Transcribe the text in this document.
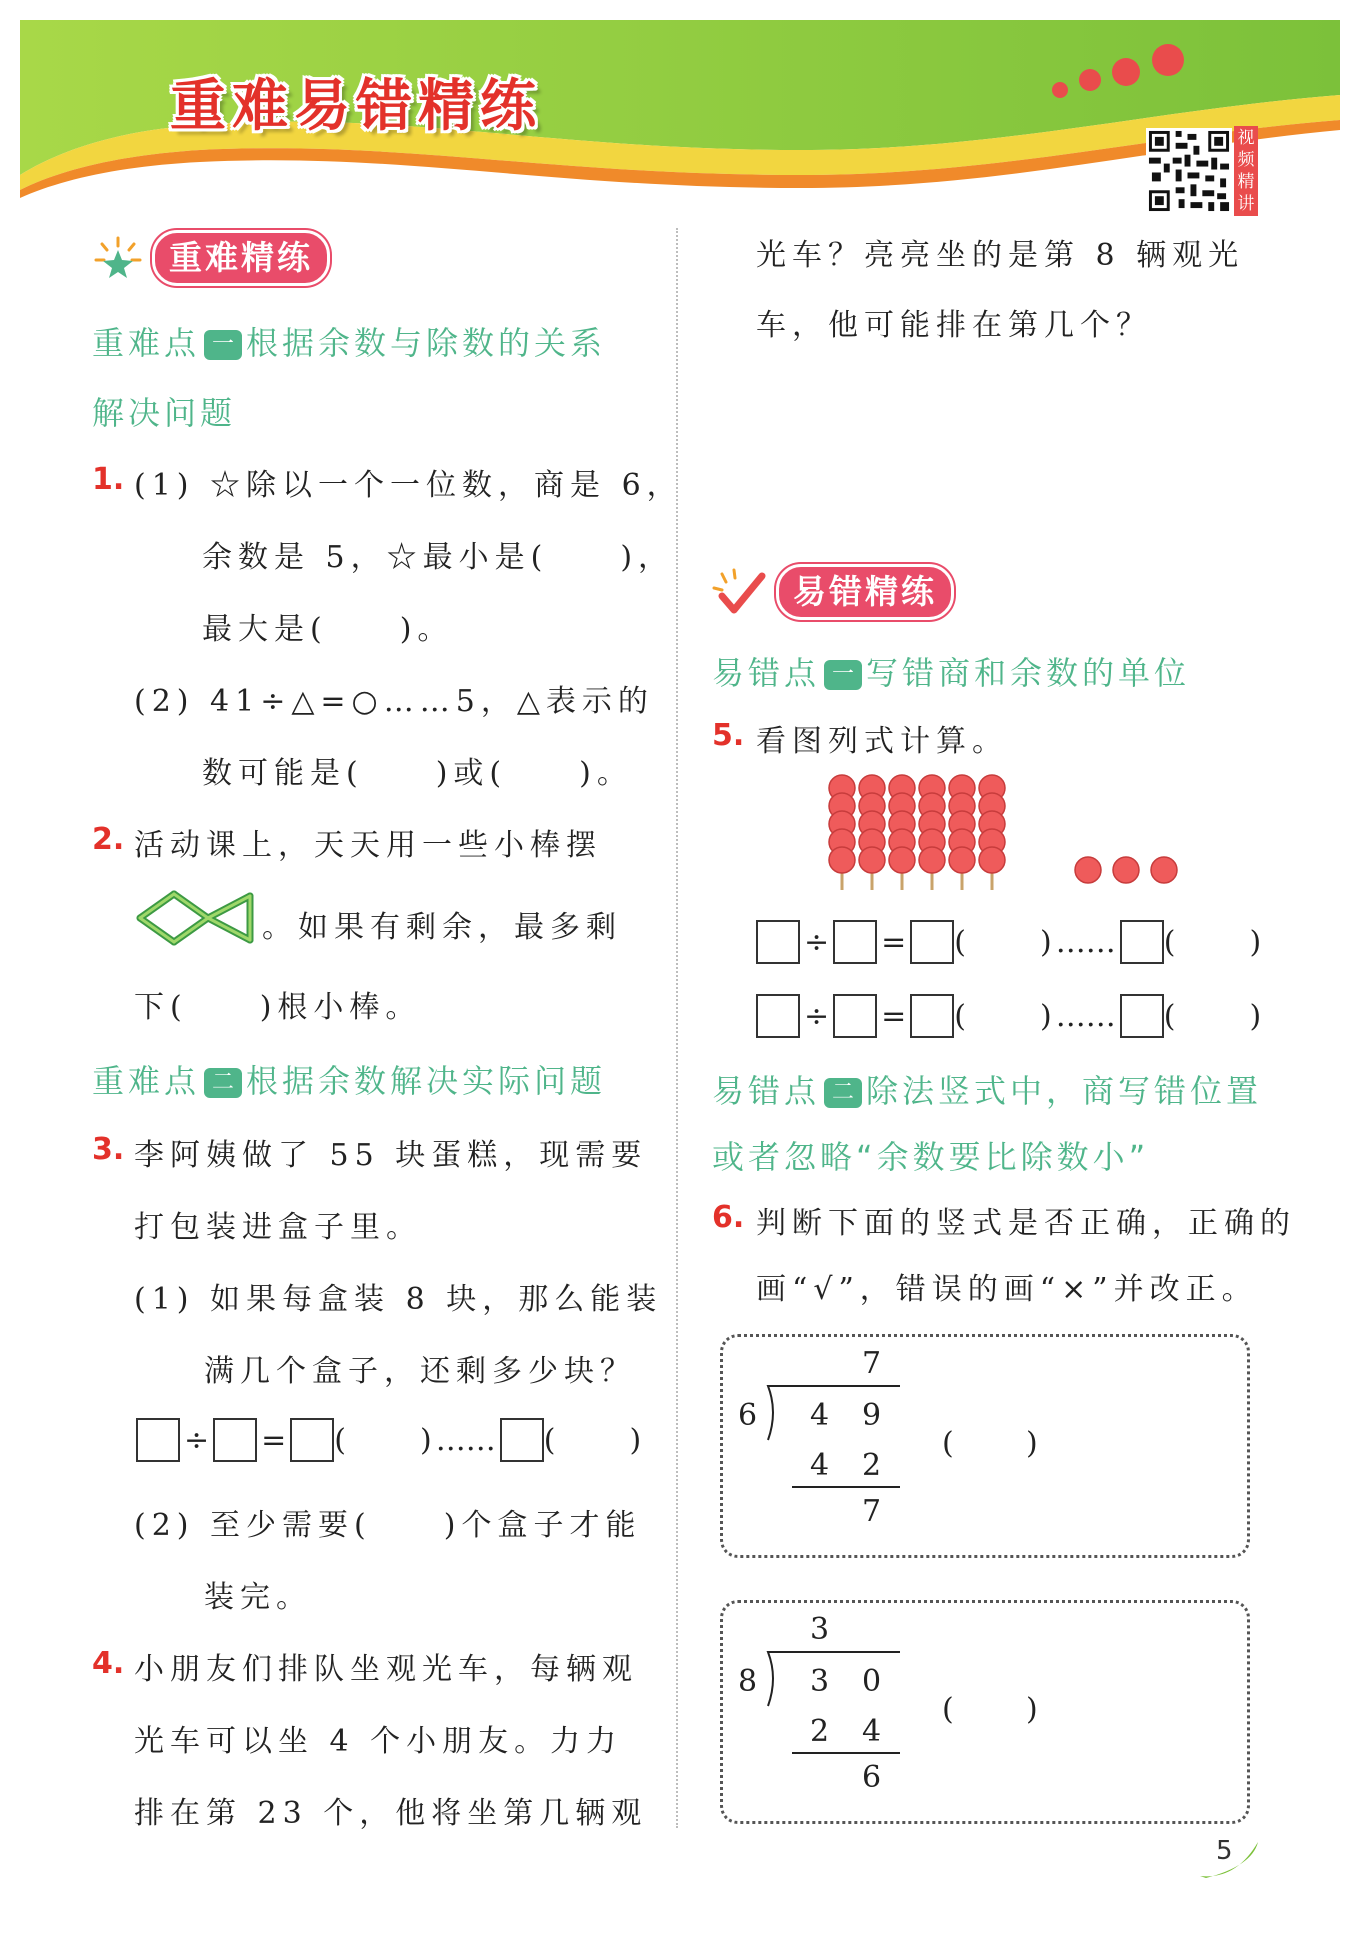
重难易错精练	视频精讲
重难精练
重难点 一 根据余数与除数的关系
解决问题
1. (1) ☆除以一个一位数，商是 6，
余数是 5，☆最小是(　　)，
最大是(　　)。
(2) 41÷△=○……5，△表示的
数可能是(　　)或(　　)。
2. 活动课上，天天用一些小棒摆
。如果有剩余，最多剩
下(　　)根小棒。
重难点 二 根据余数解决实际问题
3. 李阿姨做了 55 块蛋糕，现需要
打包装进盒子里。
(1) 如果每盒装 8 块，那么能装
满几个盒子，还剩多少块？
÷ = ( ) …… ( )
(2) 至少需要(　　)个盒子才能
装完。
4. 小朋友们排队坐观光车，每辆观
光车可以坐 4 个小朋友。力力
排在第 23 个，他将坐第几辆观
光车？亮亮坐的是第 8 辆观光
车，他可能排在第几个？
易错精练
易错点 一 写错商和余数的单位
5. 看图列式计算。
÷ = ( ) …… ( )
÷ = ( ) …… ( )
易错点 二 除法竖式中，商写错位置
或者忽略“余数要比除数小”
6. 判断下面的竖式是否正确，正确的
画“√”，错误的画“×”并改正。
7
6 4 9
4 2
7
( )
3
8 3 0
2 4
6
( )
5
